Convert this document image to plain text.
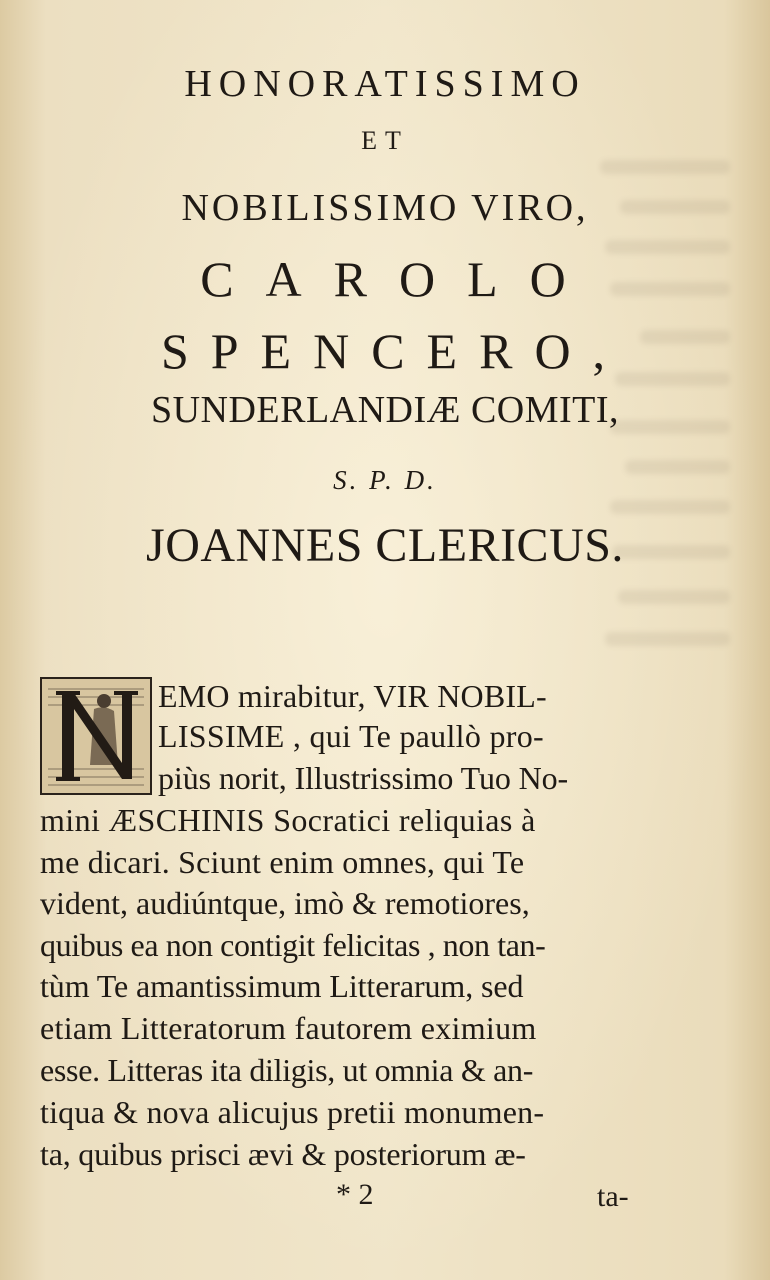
HONORATISSIMO
ET
NOBILISSIMO VIRO,
CAROLO
SPENCERO,
SUNDERLANDIÆ COMITI,
S. P. D.
JOANNES CLERICUS.
EMO mirabitur, VIR NOBIL-
LISSIME , qui Te paullò pro-
piùs norit, Illustrissimo Tuo No-
mini ÆSCHINIS Socratici reliquias à
me dicari. Sciunt enim omnes, qui Te
vident, audiúntque, imò & remotiores,
quibus ea non contigit felicitas , non tan-
tùm Te amantissimum Litterarum, sed
etiam Litteratorum fautorem eximium
esse. Litteras ita diligis, ut omnia & an-
tiqua & nova alicujus pretii monumen-
ta, quibus prisci ævi & posteriorum æ-
* 2	ta-
